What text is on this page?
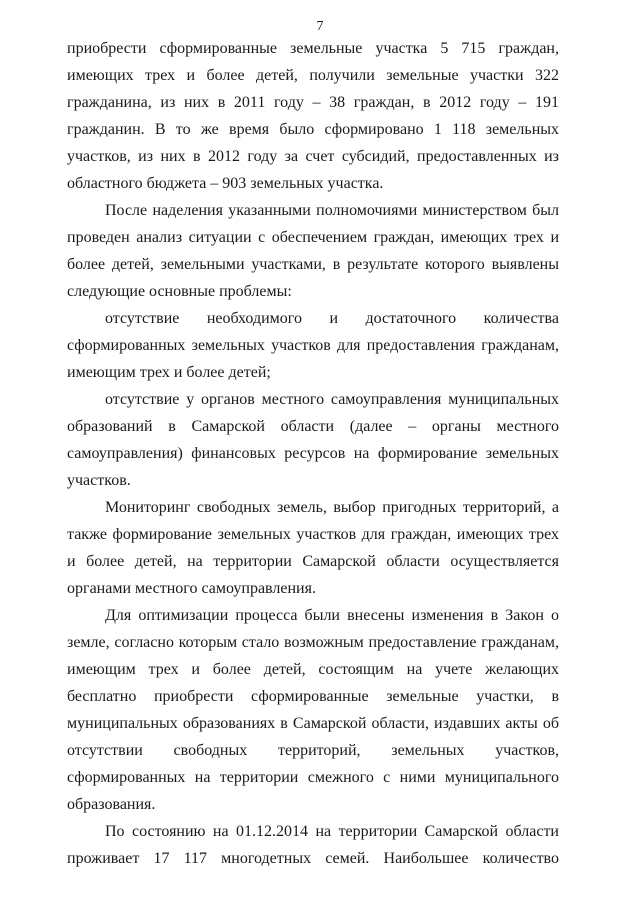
7

приобрести сформированные земельные участка 5 715 граждан, имеющих трех и более детей, получили земельные участки 322 гражданина, из них в 2011 году – 38 граждан, в 2012 году – 191 гражданин. В то же время было сформировано 1 118 земельных участков, из них в 2012 году за счет субсидий, предоставленных из областного бюджета – 903 земельных участка.

После наделения указанными полномочиями министерством был проведен анализ ситуации с обеспечением граждан, имеющих трех и более детей, земельными участками, в результате которого выявлены следующие основные проблемы:

отсутствие необходимого и достаточного количества сформированных земельных участков для предоставления гражданам, имеющим трех и более детей;

отсутствие у органов местного самоуправления муниципальных образований в Самарской области (далее – органы местного самоуправления) финансовых ресурсов на формирование земельных участков.

Мониторинг свободных земель, выбор пригодных территорий, а также формирование земельных участков для граждан, имеющих трех и более детей, на территории Самарской области осуществляется органами местного самоуправления.

Для оптимизации процесса были внесены изменения в Закон о земле, согласно которым стало возможным предоставление гражданам, имеющим трех и более детей, состоящим на учете желающих бесплатно приобрести сформированные земельные участки, в муниципальных образованиях в Самарской области, издавших акты об отсутствии свободных территорий, земельных участков, сформированных на территории смежного с ними муниципального образования.

По состоянию на 01.12.2014 на территории Самарской области проживает 17 117 многодетных семей. Наибольшее количество
